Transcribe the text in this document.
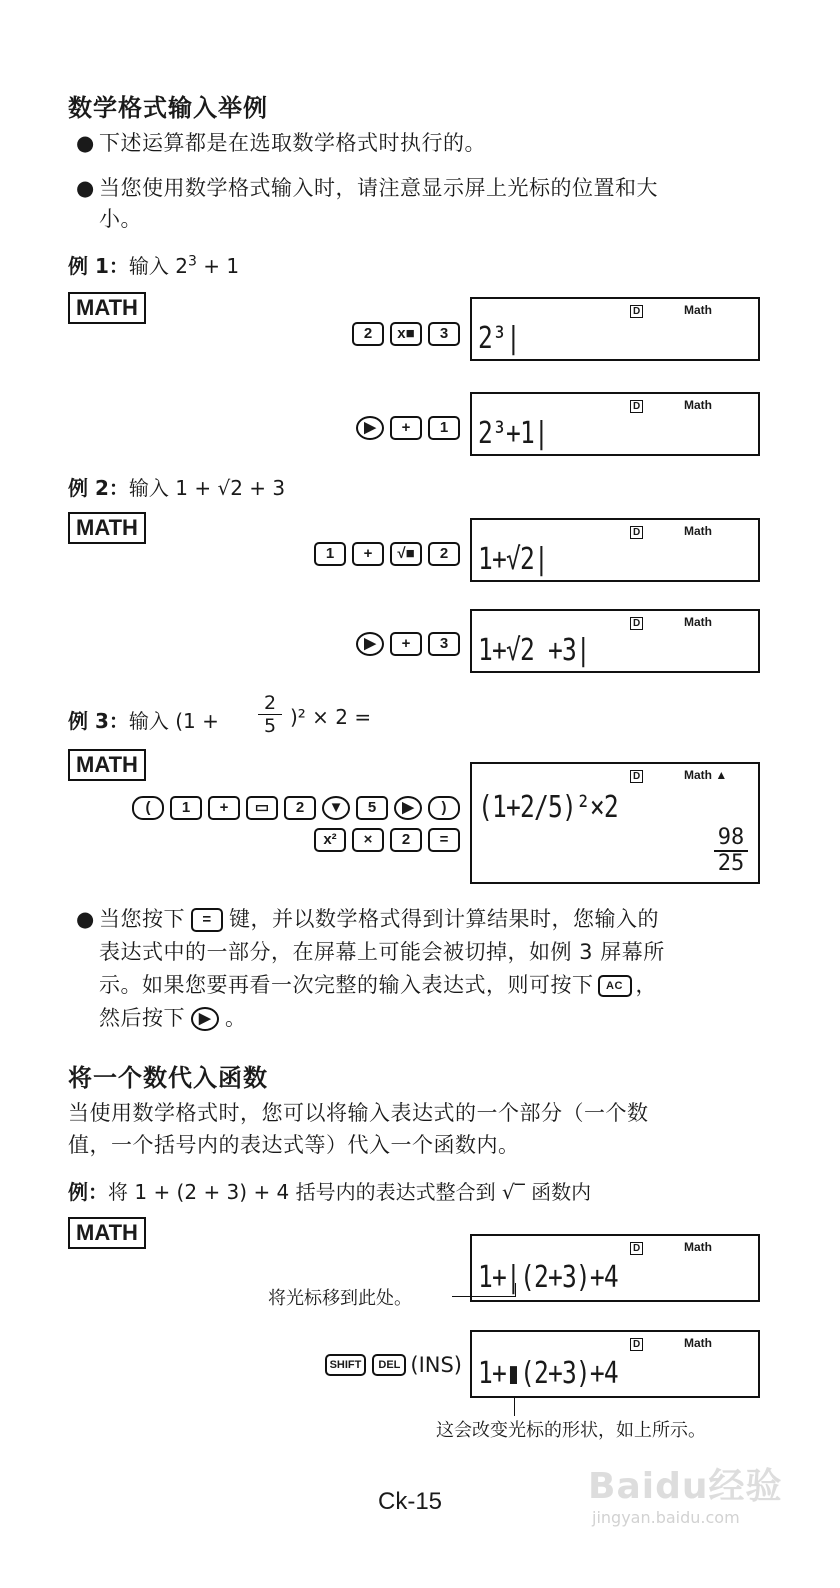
数学格式输入举例
● 下述运算都是在选取数学格式时执行的。
● 当您使用数学格式输入时，请注意显示屏上光标的位置和大
小。
例 1：输入 $2^3 + 1$
MATH
2 x■ 3
D	Math
2³|
▶ + 1
D	Math
2³+1|
例 2：输入 1 + √2 + 3
MATH
1 + √■ 2
D	Math
1+√2|
▶ + 3
D	Math
1+√2 +3|
例 3：输入 $(1 + \frac{2}{5} )^2 \times 2$ =
MATH
( 1 + ▭ 2 ▼ 5 ▶ )
x² × 2 =
D	Math ▲
(1+2/5)²×2
$\frac{98}{25}$
● 当您按下 = 键，并以数学格式得到计算结果时，您输入的
表达式中的一部分，在屏幕上可能会被切掉，如例 3 屏幕所
示。如果您要再看一次完整的输入表达式，则可按下 AC ，
然后按下 ▶ 。
将一个数代入函数
当使用数学格式时，您可以将输入表达式的一个部分（一个数
值，一个括号内的表达式等）代入一个函数内。
例：将 1 + (2 + 3) + 4 括号内的表达式整合到 √‾ 函数内
MATH
D	Math
1+|(2+3)+4
将光标移到此处。
SHIFT DEL (INS)
D	Math
1+▮(2+3)+4
这会改变光标的形状，如上所示。
Ck-15	Baidu经验
jingyan.baidu.com
